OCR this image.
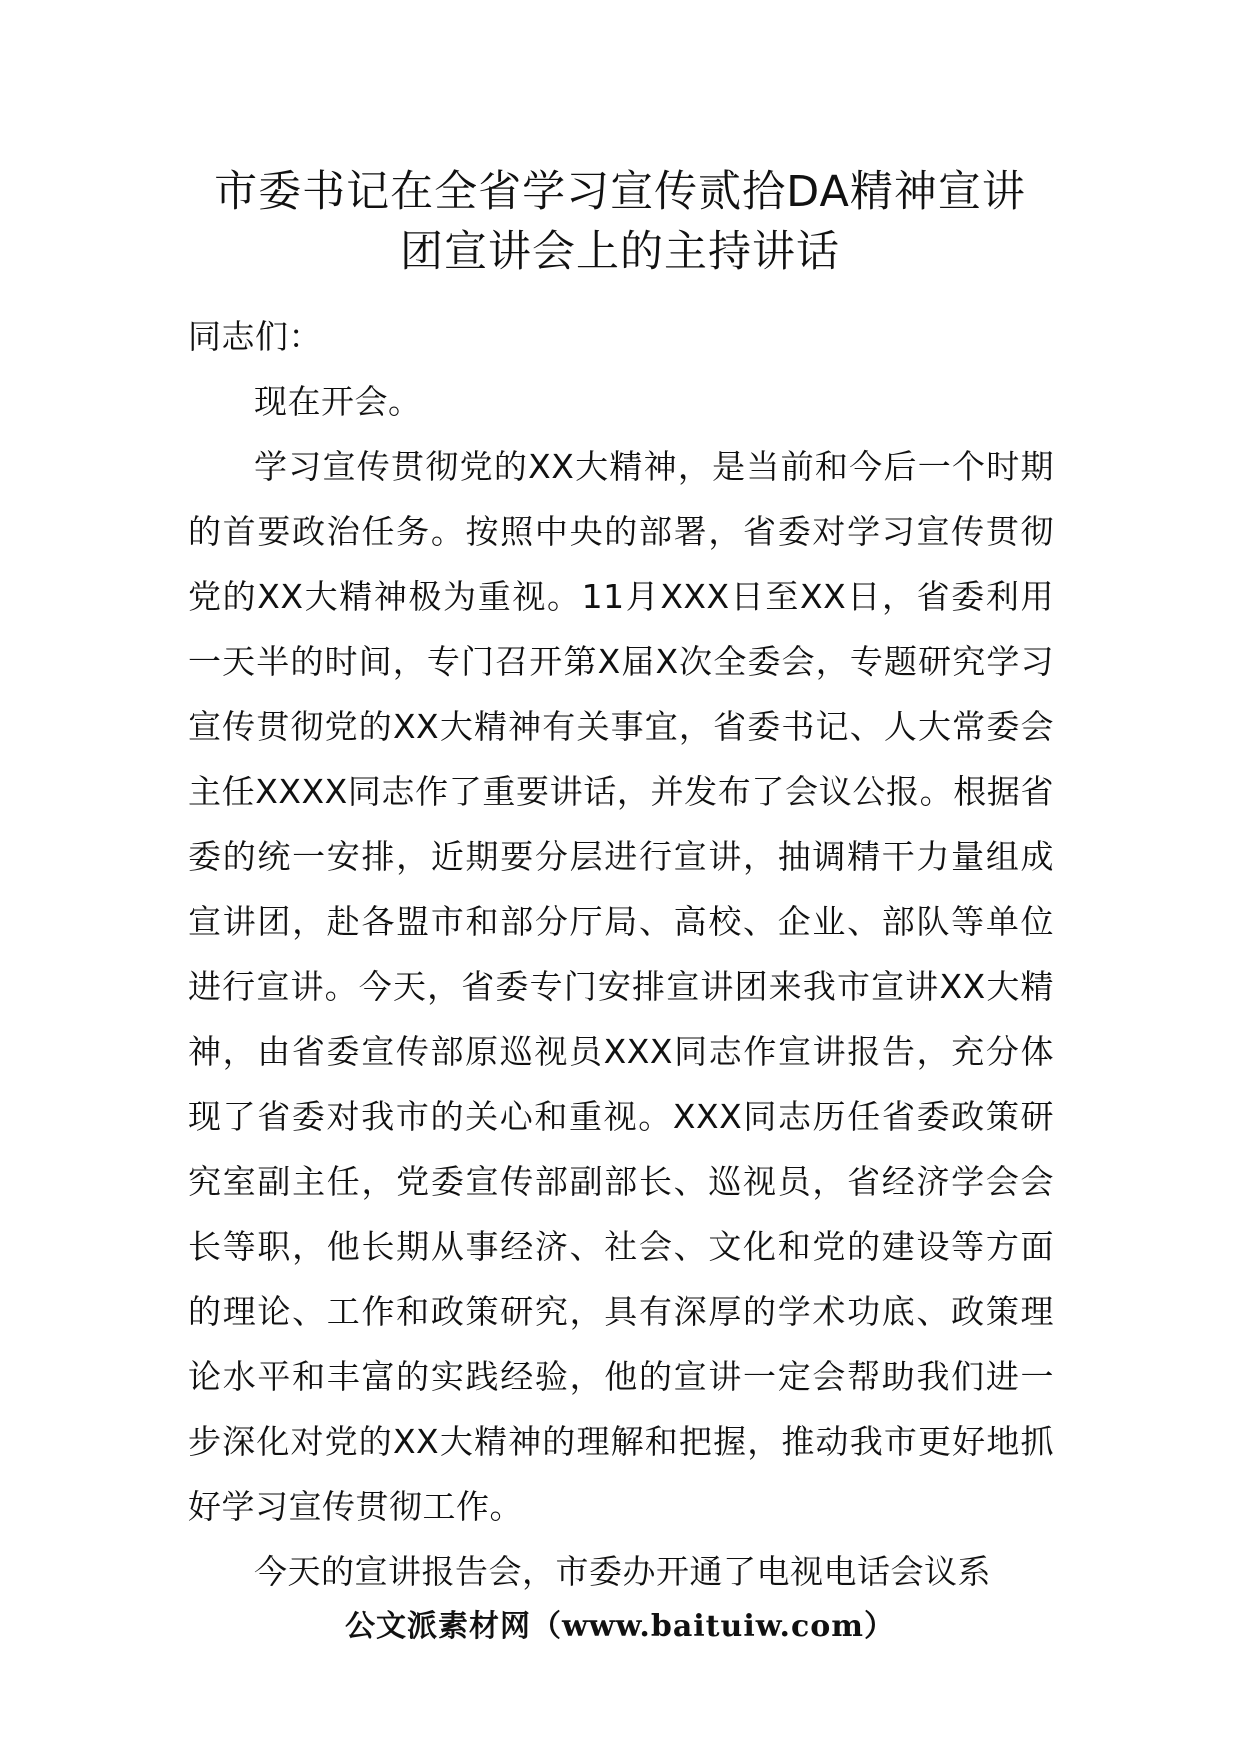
市委书记在全省学习宣传贰拾DA精神宣讲
团宣讲会上的主持讲话

同志们：

现在开会。

学习宣传贯彻党的XX大精神，是当前和今后一个时期的首要政治任务。按照中央的部署，省委对学习宣传贯彻党的XX大精神极为重视。11月XXX日至XX日，省委利用一天半的时间，专门召开第X届X次全委会，专题研究学习宣传贯彻党的XX大精神有关事宜，省委书记、人大常委会主任XXXX同志作了重要讲话，并发布了会议公报。根据省委的统一安排，近期要分层进行宣讲，抽调精干力量组成宣讲团，赴各盟市和部分厅局、高校、企业、部队等单位进行宣讲。今天，省委专门安排宣讲团来我市宣讲XX大精神，由省委宣传部原巡视员XXX同志作宣讲报告，充分体现了省委对我市的关心和重视。XXX同志历任省委政策研究室副主任，党委宣传部副部长、巡视员，省经济学会会长等职，他长期从事经济、社会、文化和党的建设等方面的理论、工作和政策研究，具有深厚的学术功底、政策理论水平和丰富的实践经验，他的宣讲一定会帮助我们进一步深化对党的XX大精神的理解和把握，推动我市更好地抓好学习宣传贯彻工作。

今天的宣讲报告会，市委办开通了电视电话会议系

公文派素材网（www.baituiw.com）
